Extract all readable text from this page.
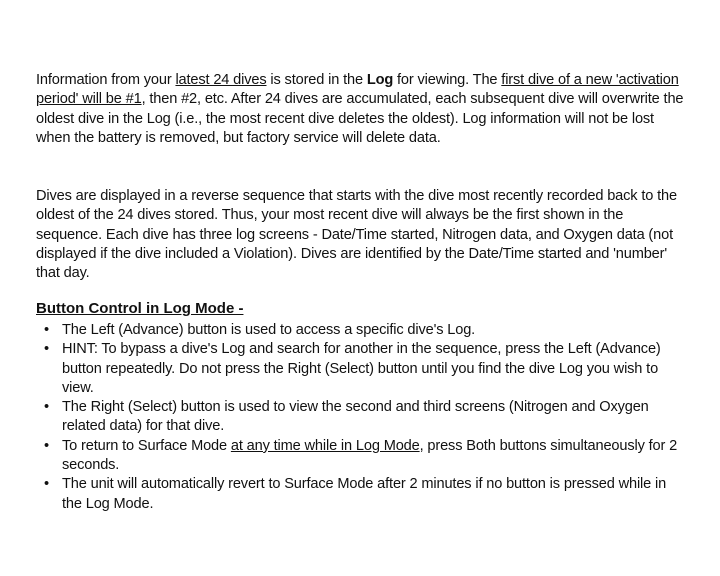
Information from your latest 24 dives is stored in the Log for viewing. The first dive of a new 'activation period' will be #1, then #2, etc. After 24 dives are accumulated, each subsequent dive will overwrite the oldest dive in the Log (i.e., the most recent dive deletes the oldest). Log information will not be lost when the battery is removed, but factory service will delete data.

Dives are displayed in a reverse sequence that starts with the dive most recently recorded back to the oldest of the 24 dives stored. Thus, your most recent dive will always be the first shown in the sequence. Each dive has three log screens - Date/Time started, Nitrogen data, and Oxygen data (not displayed if the dive included a Violation). Dives are identified by the Date/Time started and 'number' that day.

Button Control in Log Mode -
• The Left (Advance) button is used to access a specific dive's Log.
• HINT: To bypass a dive's Log and search for another in the sequence, press the Left (Advance) button repeatedly. Do not press the Right (Select) button until you find the dive Log you wish to view.
• The Right (Select) button is used to view the second and third screens (Nitrogen and Oxygen related data) for that dive.
• To return to Surface Mode at any time while in Log Mode, press Both buttons simultaneously for 2 seconds.
• The unit will automatically revert to Surface Mode after 2 minutes if no button is pressed while in the Log Mode.
